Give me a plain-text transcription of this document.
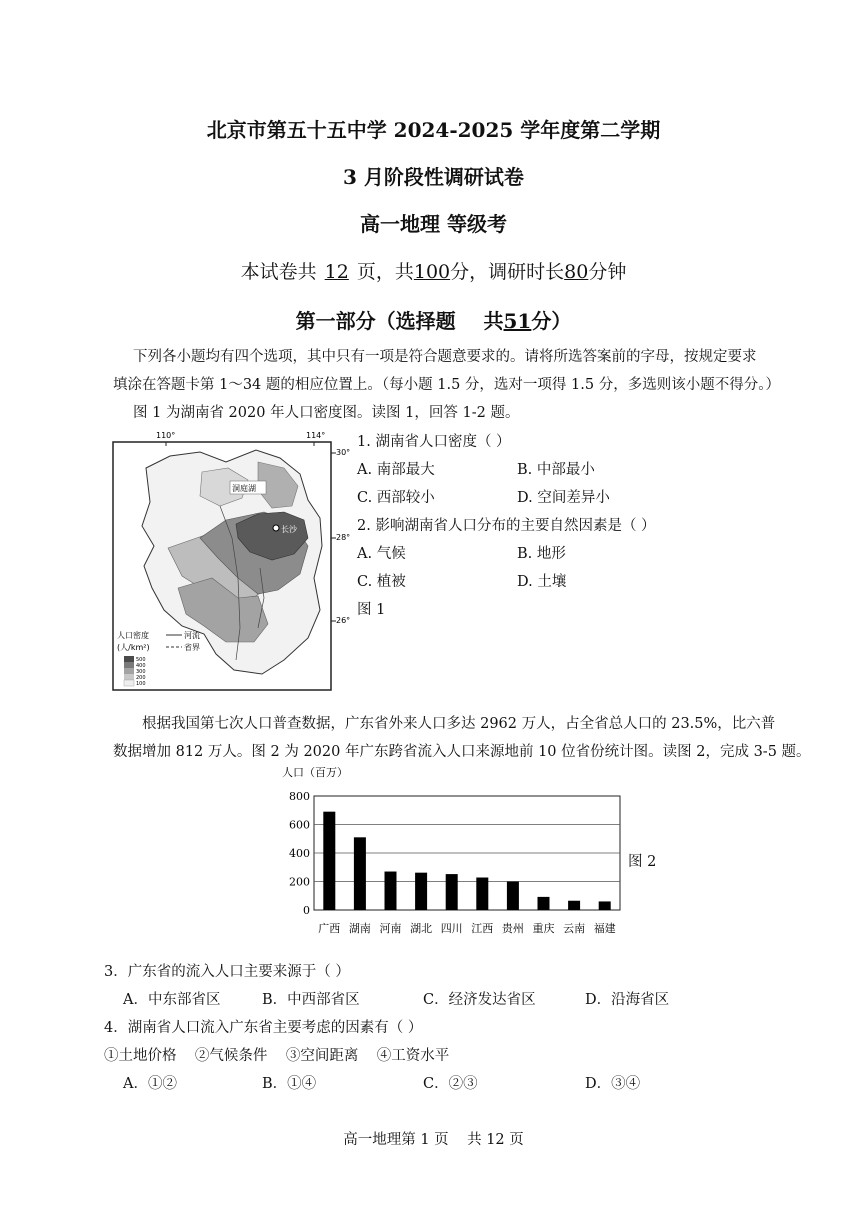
北京市第五十五中学 2024-2025 学年度第二学期
3 月阶段性调研试卷
高一地理 等级考
本试卷共 12 页，共100分，调研时长80分钟
第一部分（选择题    共51分）
下列各小题均有四个选项，其中只有一项是符合题意要求的。请将所选答案前的字母，按规定要求
填涂在答题卡第 1～34 题的相应位置上。（每小题 1.5 分，选对一项得 1.5 分，多选则该小题不得分。）
图 1 为湖南省 2020 年人口密度图。读图 1，回答 1-2 题。
110°	114°
30°
28°
26°
洞庭湖
长沙
人口密度
(人/km²)
河流
省界
500
400
300
200
100
1. 湖南省人口密度（ ）
A. 南部最大	B. 中部最小
C. 西部较小	D. 空间差异小
2. 影响湖南省人口分布的主要自然因素是（ ）
A. 气候	B. 地形
C. 植被	D. 土壤
图 1
根据我国第七次人口普查数据，广东省外来人口多达 2962 万人，占全省总人口的 23.5%，比六普
数据增加 812 万人。图 2 为 2020 年广东跨省流入人口来源地前 10 位省份统计图。读图 2，完成 3-5 题。
人口（百万）
0
200
400
600
800
广西 湖南 河南 湖北 四川 江西 贵州 重庆 云南 福建
图 2
3．广东省的流入人口主要来源于（ ）
A．中东部省区	B．中西部省区	C．经济发达省区	D．沿海省区
4．湖南省人口流入广东省主要考虑的因素有（ ）
①土地价格    ②气候条件    ③空间距离    ④工资水平
A．①②	B．①④	C．②③	D．③④
高一地理第 1 页    共 12 页
